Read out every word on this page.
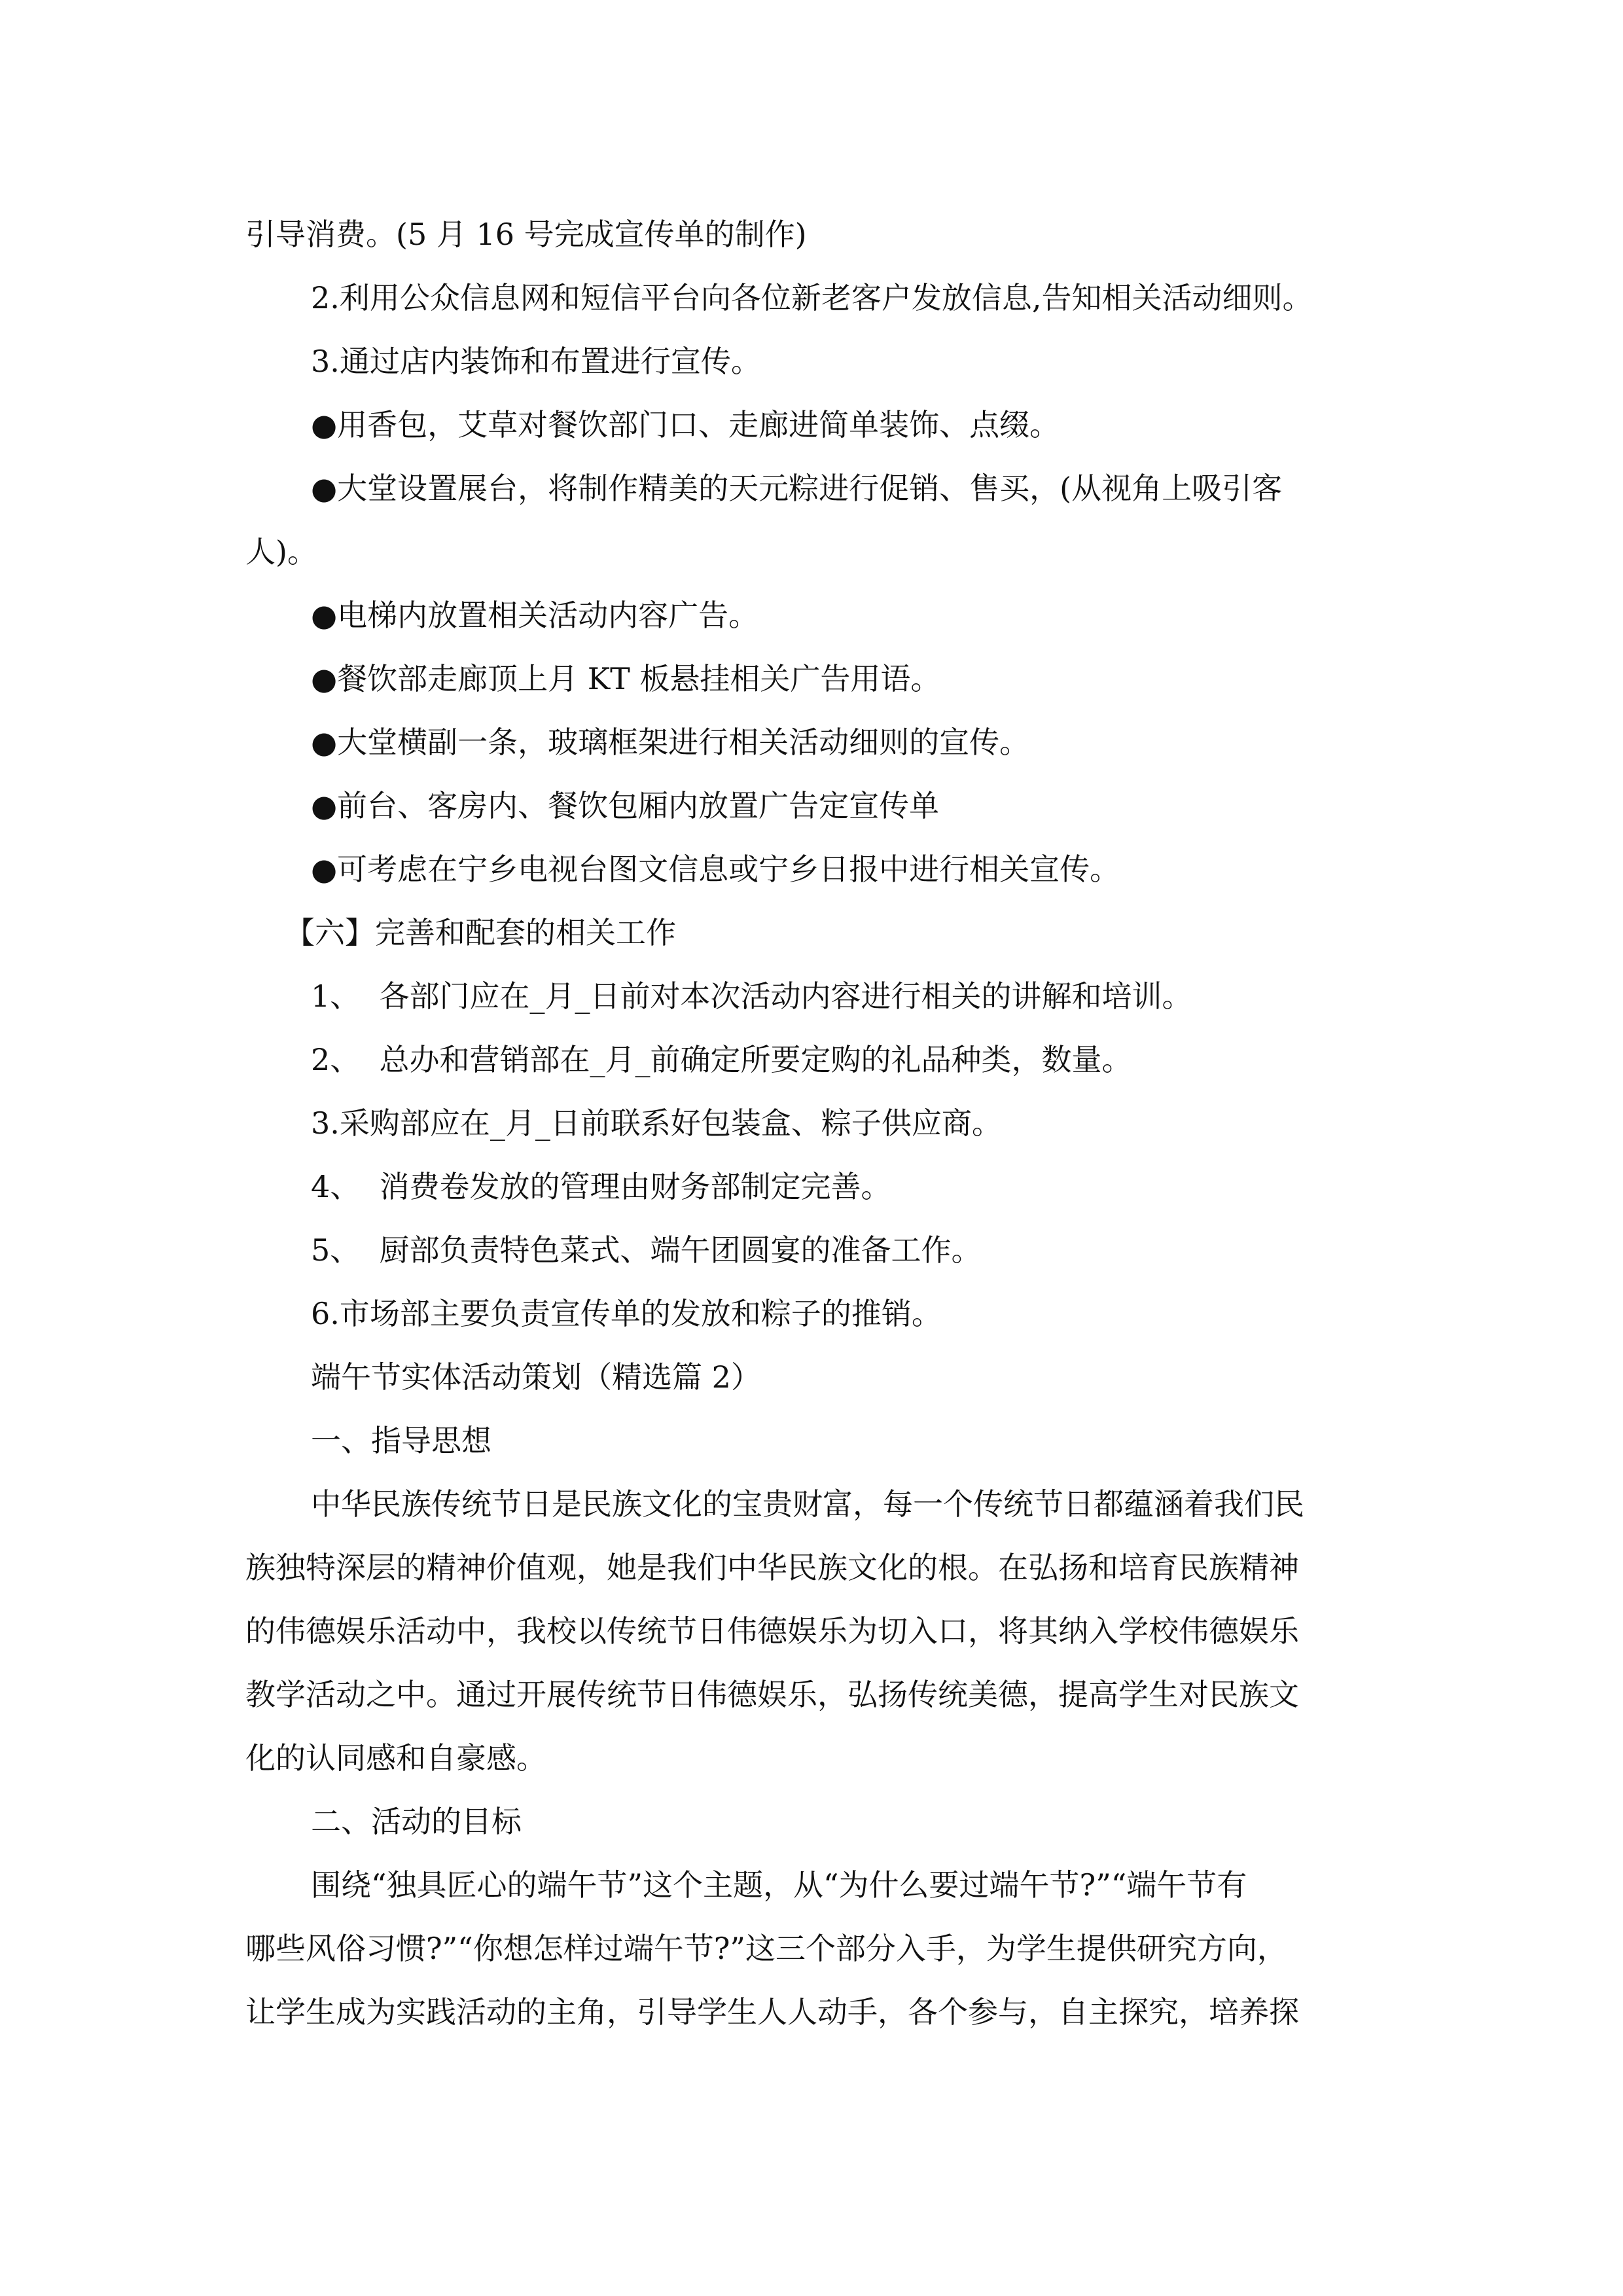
引导消费。(5 月 16 号完成宣传单的制作)
2.利用公众信息网和短信平台向各位新老客户发放信息,告知相关活动细则。
3.通过店内装饰和布置进行宣传。
●用香包，艾草对餐饮部门口、走廊进简单装饰、点缀。
●大堂设置展台，将制作精美的天元粽进行促销、售买，(从视角上吸引客
人)。
●电梯内放置相关活动内容广告。
●餐饮部走廊顶上月 KT 板悬挂相关广告用语。
●大堂横副一条，玻璃框架进行相关活动细则的宣传。
●前台、客房内、餐饮包厢内放置广告定宣传单
●可考虑在宁乡电视台图文信息或宁乡日报中进行相关宣传。
【六】完善和配套的相关工作
1、  各部门应在_月_日前对本次活动内容进行相关的讲解和培训。
2、  总办和营销部在_月_前确定所要定购的礼品种类，数量。
3.采购部应在_月_日前联系好包装盒、粽子供应商。
4、  消费卷发放的管理由财务部制定完善。
5、  厨部负责特色菜式、端午团圆宴的准备工作。
6.市场部主要负责宣传单的发放和粽子的推销。
端午节实体活动策划（精选篇 2）
一、指导思想
中华民族传统节日是民族文化的宝贵财富，每一个传统节日都蕴涵着我们民
族独特深层的精神价值观，她是我们中华民族文化的根。在弘扬和培育民族精神
的伟德娱乐活动中，我校以传统节日伟德娱乐为切入口，将其纳入学校伟德娱乐
教学活动之中。通过开展传统节日伟德娱乐，弘扬传统美德，提高学生对民族文
化的认同感和自豪感。
二、活动的目标
围绕“独具匠心的端午节”这个主题，从“为什么要过端午节?”“端午节有
哪些风俗习惯?”“你想怎样过端午节?”这三个部分入手，为学生提供研究方向，
让学生成为实践活动的主角，引导学生人人动手，各个参与，自主探究，培养探
